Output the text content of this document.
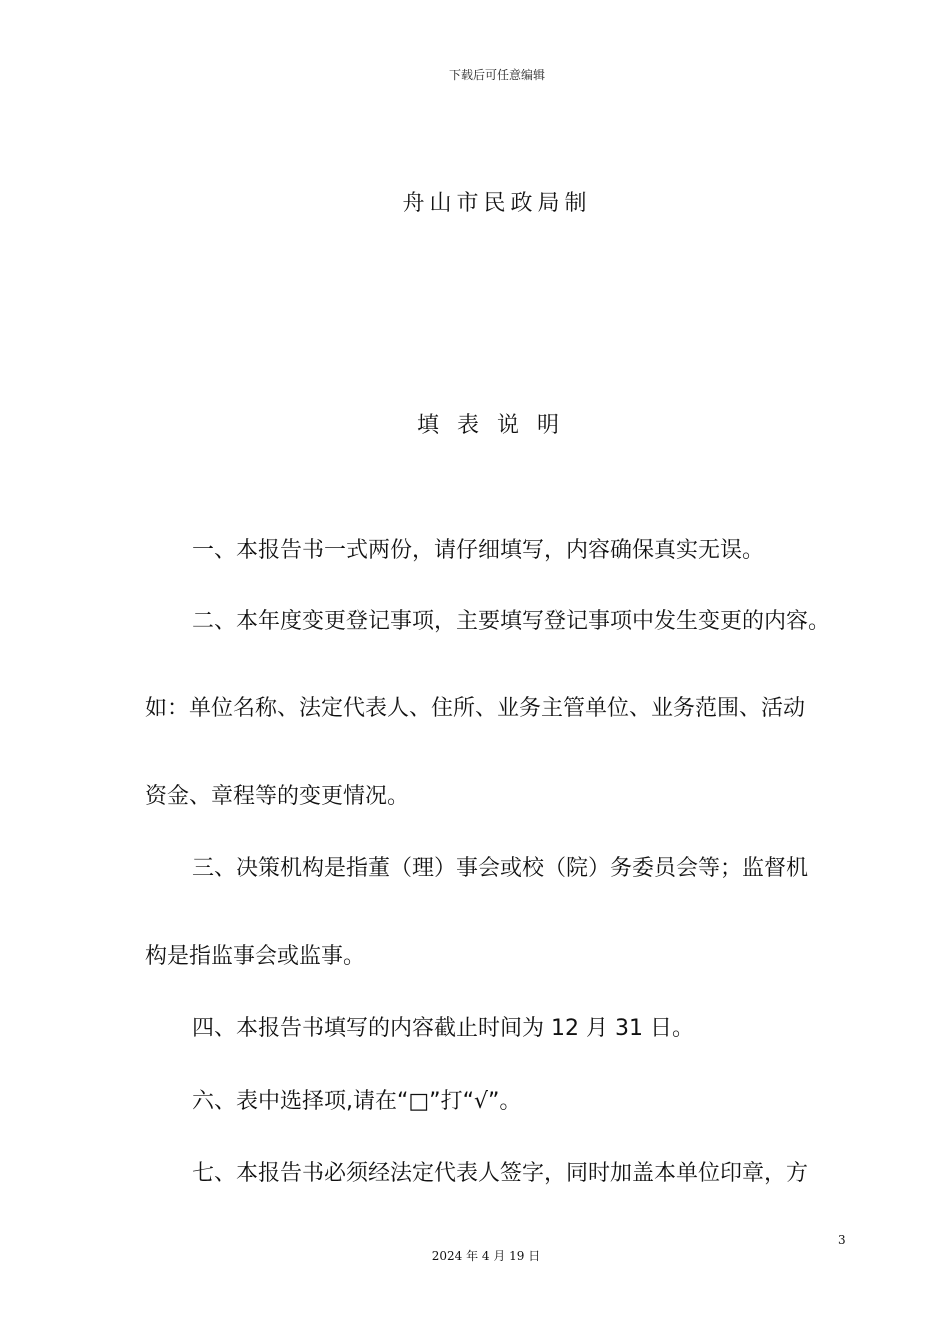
下载后可任意编辑
舟山市民政局制
填表说明
一、本报告书一式两份，请仔细填写，内容确保真实无误。
二、本年度变更登记事项，主要填写登记事项中发生变更的内容。
如：单位名称、法定代表人、住所、业务主管单位、业务范围、活动
资金、章程等的变更情况。
三、决策机构是指董（理）事会或校（院）务委员会等；监督机
构是指监事会或监事。
四、本报告书填写的内容截止时间为 12 月 31 日。
六、表中选择项,请在“□”打“√”。
七、本报告书必须经法定代表人签字，同时加盖本单位印章，方
3
2024 年 4 月 19 日
